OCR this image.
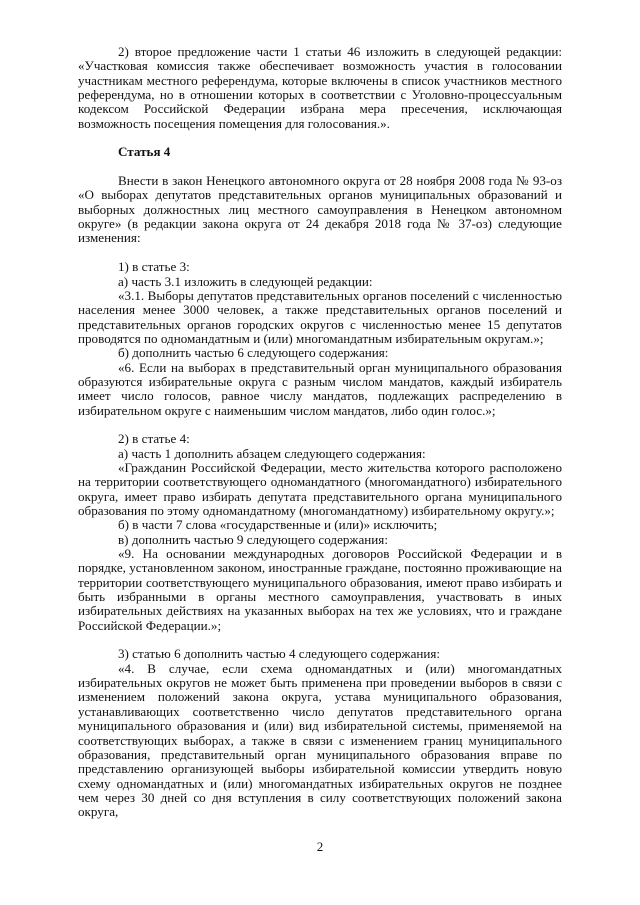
2) второе предложение части 1 статьи 46 изложить в следующей редакции: «Участковая комиссия также обеспечивает возможность участия в голосовании участникам местного референдума, которые включены в список участников местного референдума, но в отношении которых в соответствии с Уголовно-процессуальным кодексом Российской Федерации избрана мера пресечения, исключающая возможность посещения помещения для голосования.».

Статья 4

Внести в закон Ненецкого автономного округа от 28 ноября 2008 года № 93-оз «О выборах депутатов представительных органов муниципальных образований и выборных должностных лиц местного самоуправления в Ненецком автономном округе» (в редакции закона округа от 24 декабря 2018 года № 37-оз) следующие изменения:

1) в статье 3:

а) часть 3.1 изложить в следующей редакции:

«3.1. Выборы депутатов представительных органов поселений с численностью населения менее 3000 человек, а также представительных органов поселений и представительных органов городских округов с численностью менее 15 депутатов проводятся по одномандатным и (или) многомандатным избирательным округам.»;

б) дополнить частью 6 следующего содержания:

«6. Если на выборах в представительный орган муниципального образования образуются избирательные округа с разным числом мандатов, каждый избиратель имеет число голосов, равное числу мандатов, подлежащих распределению в избирательном округе с наименьшим числом мандатов, либо один голос.»;

2) в статье 4:

а) часть 1 дополнить абзацем следующего содержания:

«Гражданин Российской Федерации, место жительства которого расположено на территории соответствующего одномандатного (многомандатного) избирательного округа, имеет право избирать депутата представительного органа муниципального образования по этому одномандатному (многомандатному) избирательному округу.»;

б) в части 7 слова «государственные и (или)» исключить;

в) дополнить частью 9 следующего содержания:

«9. На основании международных договоров Российской Федерации и в порядке, установленном законом, иностранные граждане, постоянно проживающие на территории соответствующего муниципального образования, имеют право избирать и быть избранными в органы местного самоуправления, участвовать в иных избирательных действиях на указанных выборах на тех же условиях, что и граждане Российской Федерации.»;

3) статью 6 дополнить частью 4 следующего содержания:

«4. В случае, если схема одномандатных и (или) многомандатных избирательных округов не может быть применена при проведении выборов в связи с изменением положений закона округа, устава муниципального образования, устанавливающих соответственно число депутатов представительного органа муниципального образования и (или) вид избирательной системы, применяемой на соответствующих выборах, а также в связи с изменением границ муниципального образования, представительный орган муниципального образования вправе по представлению организующей выборы избирательной комиссии утвердить новую схему одномандатных и (или) многомандатных избирательных округов не позднее чем через 30 дней со дня вступления в силу соответствующих положений закона округа,

2
